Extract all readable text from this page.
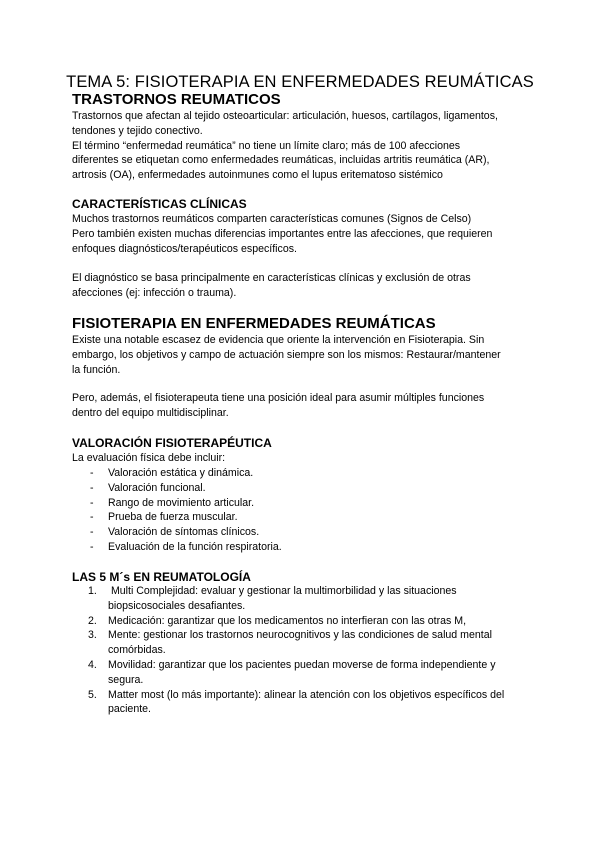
TEMA 5: FISIOTERAPIA EN ENFERMEDADES REUMÁTICAS
TRASTORNOS REUMATICOS
Trastornos que afectan al tejido osteoarticular: articulación, huesos, cartílagos, ligamentos,
tendones y tejido conectivo.
El término “enfermedad reumática” no tiene un límite claro; más de 100 afecciones
diferentes se etiquetan como enfermedades reumáticas, incluidas artritis reumática (AR),
artrosis (OA), enfermedades autoinmunes como el lupus eritematoso sistémico
CARACTERÍSTICAS CLÍNICAS
Muchos trastornos reumáticos comparten características comunes (Signos de Celso)
Pero también existen muchas diferencias importantes entre las afecciones, que requieren
enfoques diagnósticos/terapéuticos específicos.
El diagnóstico se basa principalmente en características clínicas y exclusión de otras
afecciones (ej: infección o trauma).
FISIOTERAPIA EN ENFERMEDADES REUMÁTICAS
Existe una notable escasez de evidencia que oriente la intervención en Fisioterapia. Sin
embargo, los objetivos y campo de actuación siempre son los mismos: Restaurar/mantener
la función.
Pero, además, el fisioterapeuta tiene una posición ideal para asumir múltiples funciones
dentro del equipo multidisciplinar.
VALORACIÓN FISIOTERAPÉUTICA
La evaluación física debe incluir:
- Valoración estática y dinámica.
- Valoración funcional.
- Rango de movimiento articular.
- Prueba de fuerza muscular.
- Valoración de síntomas clínicos.
- Evaluación de la función respiratoria.
LAS 5 M´s EN REUMATOLOGÍA
1. Multi Complejidad: evaluar y gestionar la multimorbilidad y las situaciones
biopsicosociales desafiantes.
2. Medicación: garantizar que los medicamentos no interfieran con las otras M,
3. Mente: gestionar los trastornos neurocognitivos y las condiciones de salud mental
comórbidas.
4. Movilidad: garantizar que los pacientes puedan moverse de forma independiente y
segura.
5. Matter most (lo más importante): alinear la atención con los objetivos específicos del
paciente.
